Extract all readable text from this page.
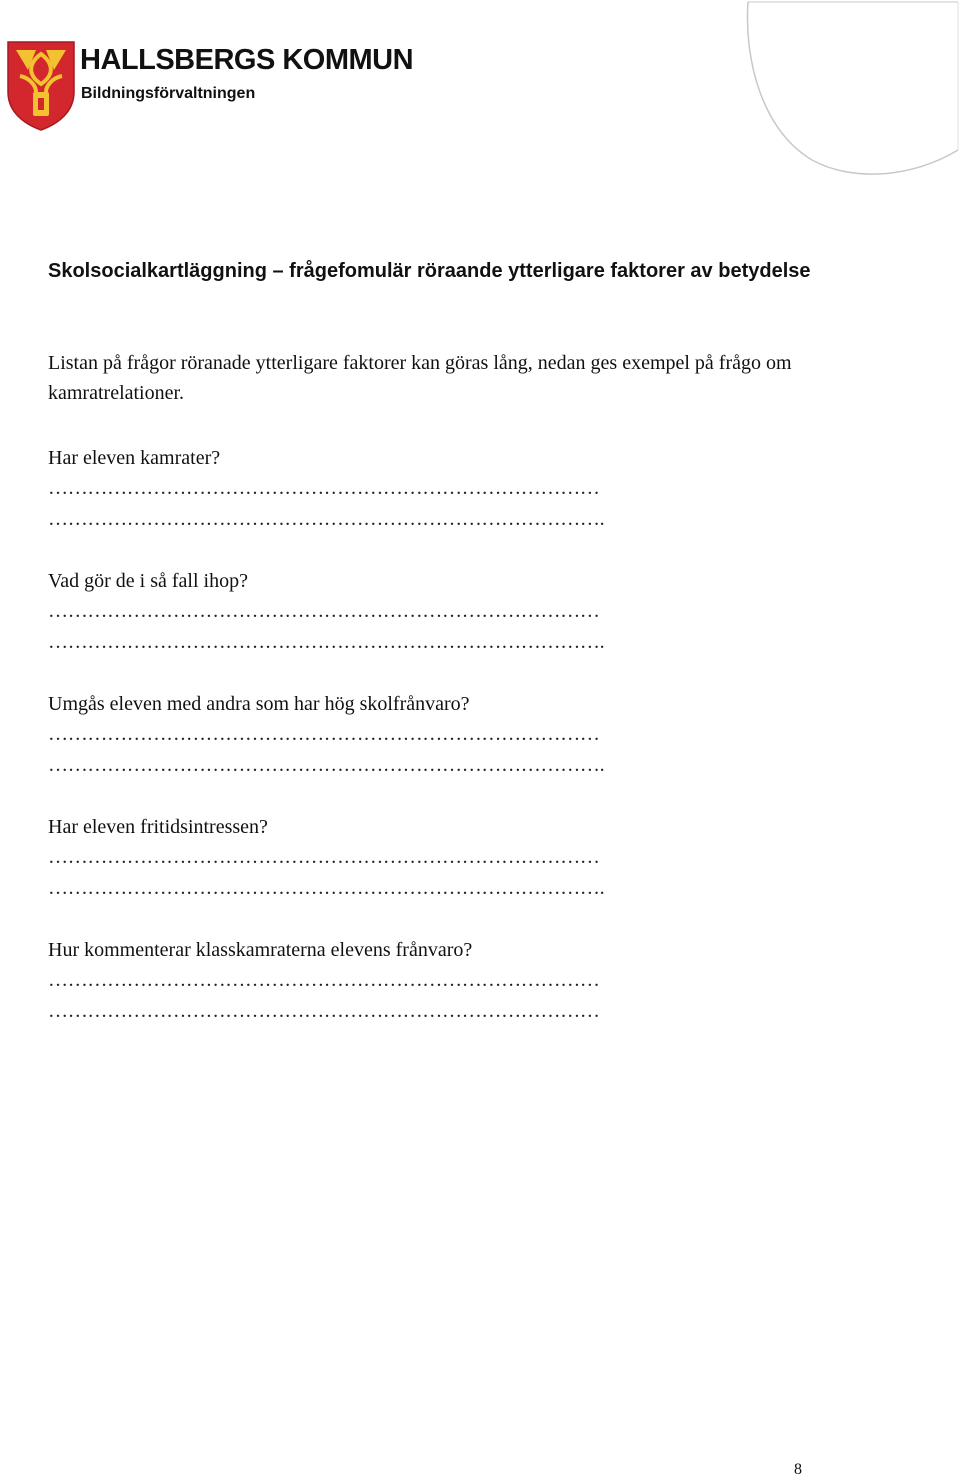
HALLSBERGS KOMMUN
Bildningsförvaltningen
Skolsocialkartläggning – frågefomulär röraande ytterligare faktorer av betydelse

Listan på frågor röranade ytterligare faktorer kan göras lång, nedan ges exempel på frågo om kamratrelationer.

Har eleven kamrater?

…………………………………………………………………………

………………………………………………………………………….

Vad gör de i så fall ihop?

…………………………………………………………………………

………………………………………………………………………….

Umgås eleven med andra som har hög skolfrånvaro?

…………………………………………………………………………

………………………………………………………………………….

Har eleven fritidsintressen?

…………………………………………………………………………

………………………………………………………………………….

Hur kommenterar klasskamraterna elevens frånvaro?

…………………………………………………………………………

…………………………………………………………………………

8
